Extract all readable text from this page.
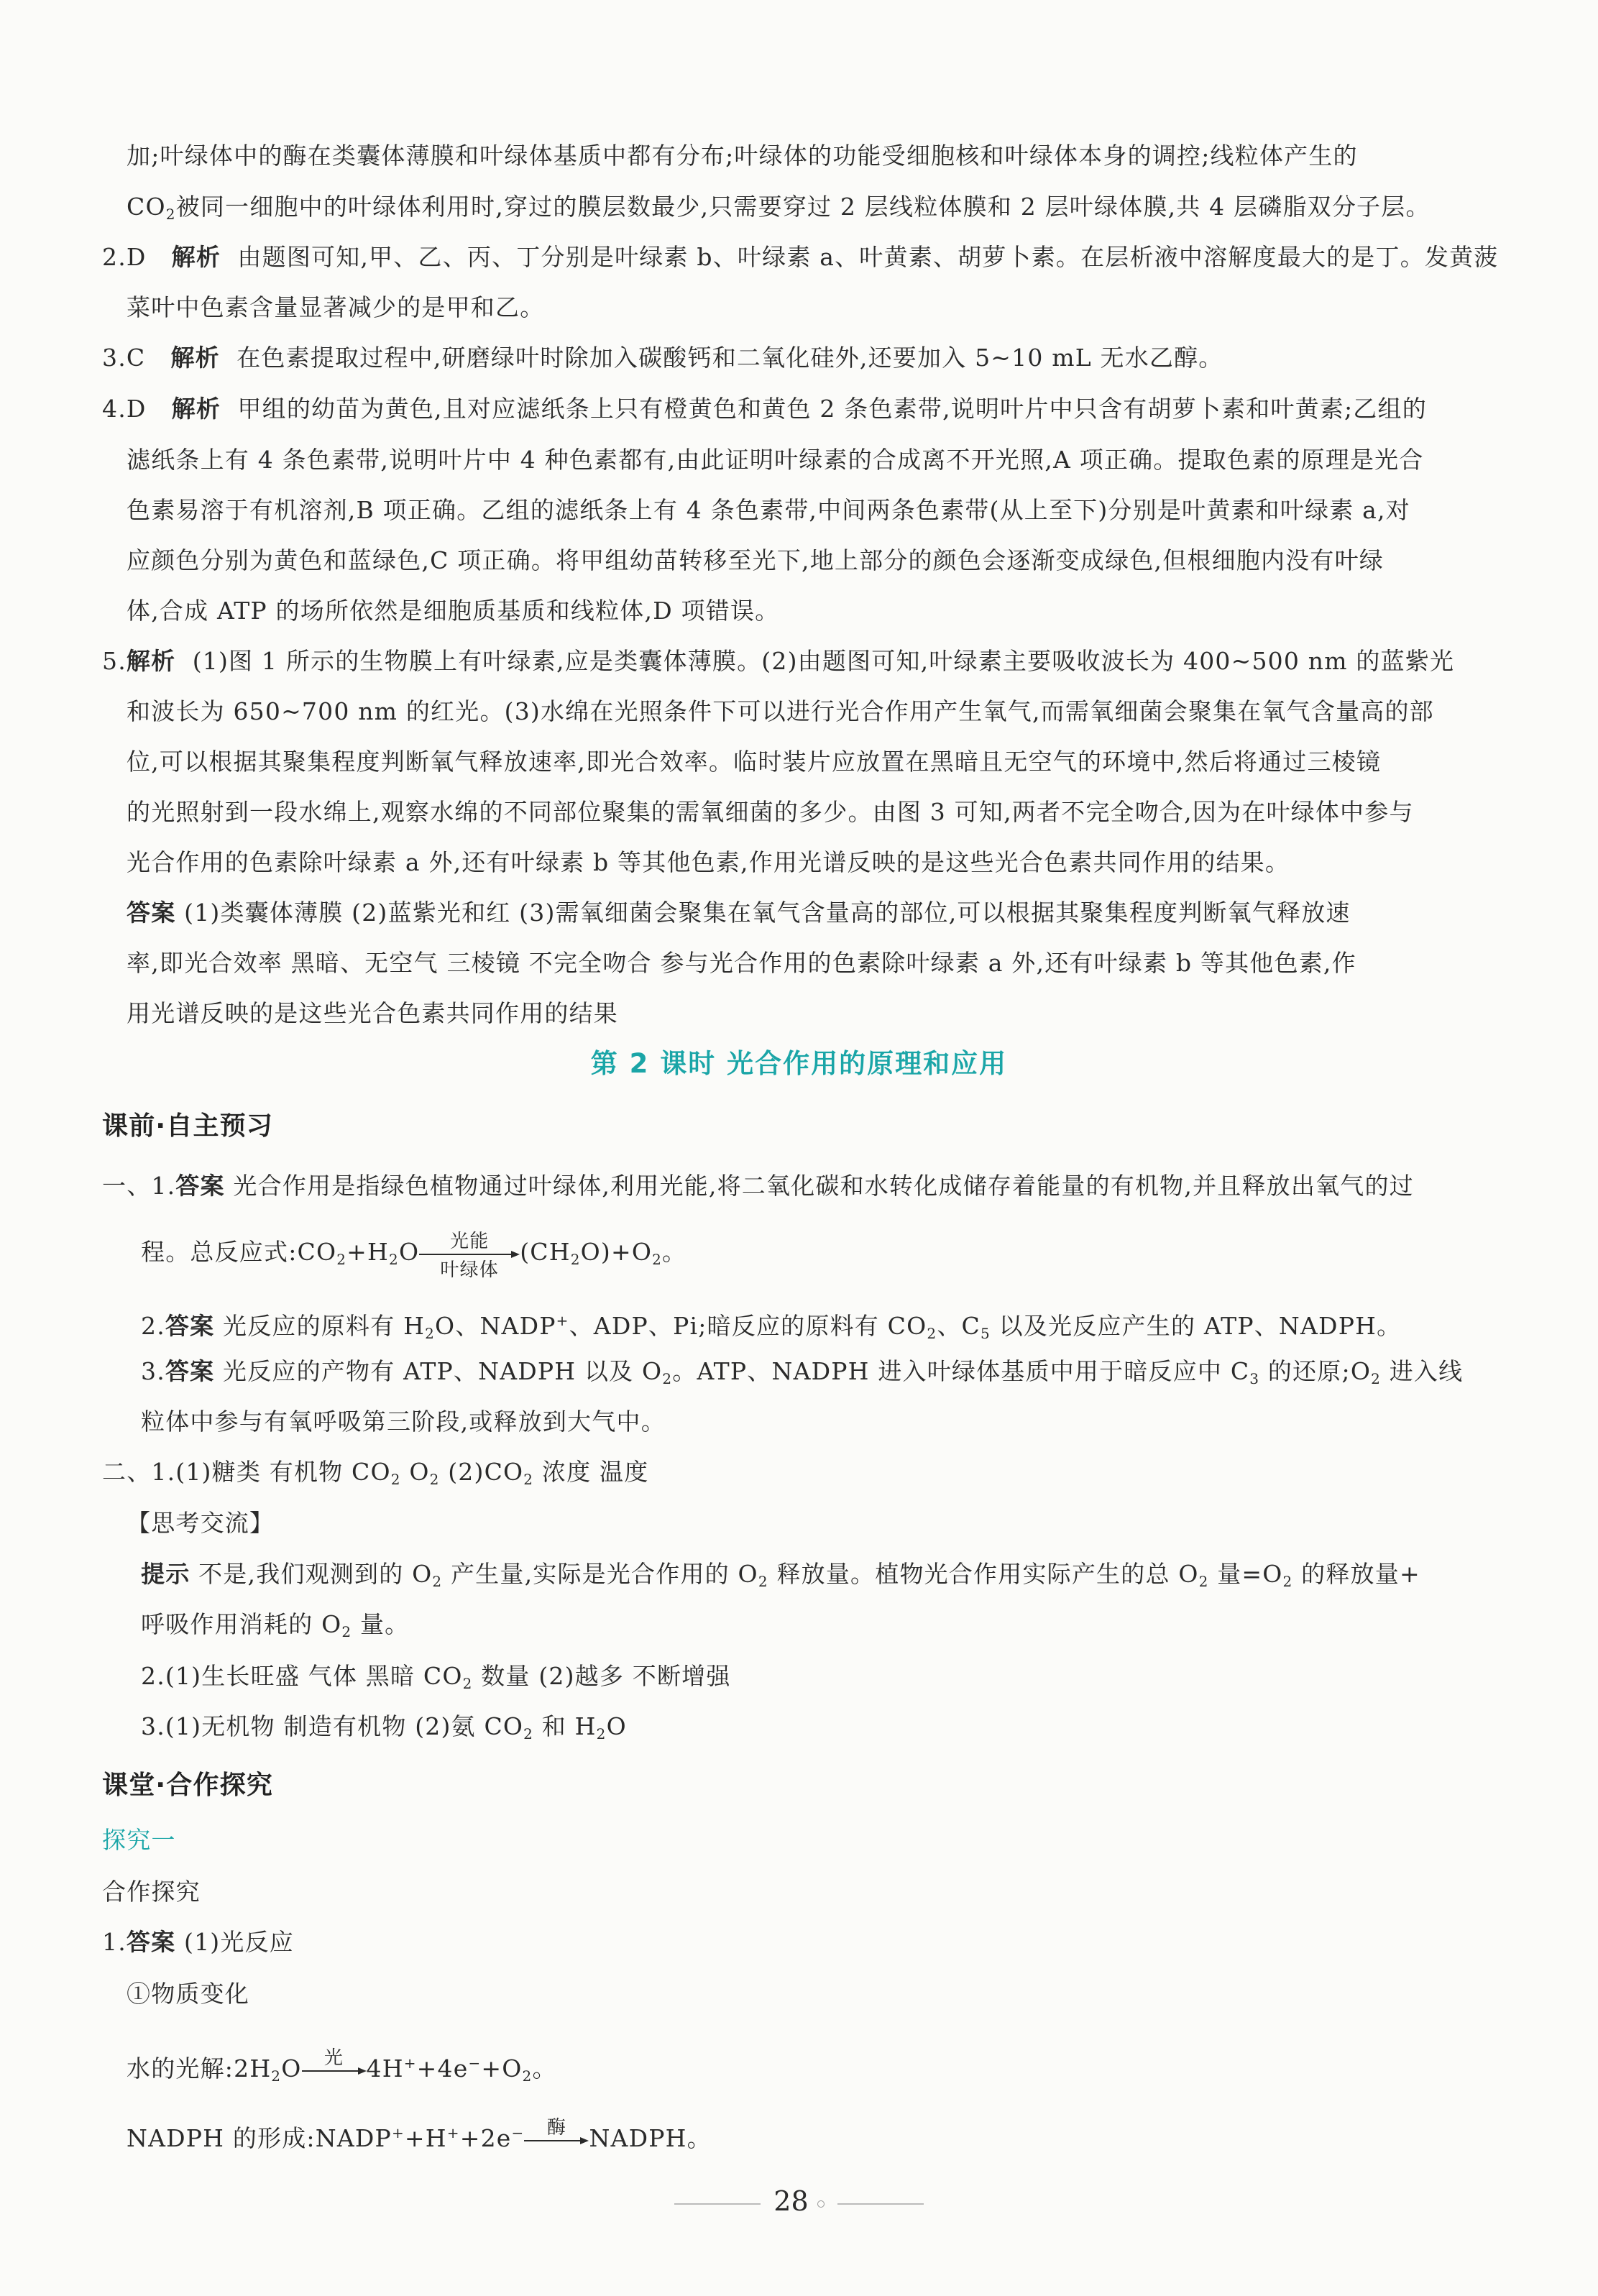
加;叶绿体中的酶在类囊体薄膜和叶绿体基质中都有分布;叶绿体的功能受细胞核和叶绿体本身的调控;线粒体产生的
$CO_2$被同一细胞中的叶绿体利用时,穿过的膜层数最少,只需要穿过 2 层线粒体膜和 2 层叶绿体膜,共 4 层磷脂双分子层。
2.D 解析 由题图可知,甲、乙、丙、丁分别是叶绿素 b、叶绿素 a、叶黄素、胡萝卜素。在层析液中溶解度最大的是丁。发黄菠
菜叶中色素含量显著减少的是甲和乙。
3.C 解析 在色素提取过程中,研磨绿叶时除加入碳酸钙和二氧化硅外,还要加入 5~10 mL 无水乙醇。
4.D 解析 甲组的幼苗为黄色,且对应滤纸条上只有橙黄色和黄色 2 条色素带,说明叶片中只含有胡萝卜素和叶黄素;乙组的
滤纸条上有 4 条色素带,说明叶片中 4 种色素都有,由此证明叶绿素的合成离不开光照,A 项正确。提取色素的原理是光合
色素易溶于有机溶剂,B 项正确。乙组的滤纸条上有 4 条色素带,中间两条色素带(从上至下)分别是叶黄素和叶绿素 a,对
应颜色分别为黄色和蓝绿色,C 项正确。将甲组幼苗转移至光下,地上部分的颜色会逐渐变成绿色,但根细胞内没有叶绿
体,合成 ATP 的场所依然是细胞质基质和线粒体,D 项错误。
5.解析 (1)图 1 所示的生物膜上有叶绿素,应是类囊体薄膜。(2)由题图可知,叶绿素主要吸收波长为 400~500 nm 的蓝紫光
和波长为 650~700 nm 的红光。(3)水绵在光照条件下可以进行光合作用产生氧气,而需氧细菌会聚集在氧气含量高的部
位,可以根据其聚集程度判断氧气释放速率,即光合效率。临时装片应放置在黑暗且无空气的环境中,然后将通过三棱镜
的光照射到一段水绵上,观察水绵的不同部位聚集的需氧细菌的多少。由图 3 可知,两者不完全吻合,因为在叶绿体中参与
光合作用的色素除叶绿素 a 外,还有叶绿素 b 等其他色素,作用光谱反映的是这些光合色素共同作用的结果。
答案 (1)类囊体薄膜 (2)蓝紫光和红 (3)需氧细菌会聚集在氧气含量高的部位,可以根据其聚集程度判断氧气释放速
率,即光合效率 黑暗、无空气 三棱镜 不完全吻合 参与光合作用的色素除叶绿素 a 外,还有叶绿素 b 等其他色素,作
用光谱反映的是这些光合色素共同作用的结果
第 2 课时 光合作用的原理和应用
课前·自主预习
一、1.答案 光合作用是指绿色植物通过叶绿体,利用光能,将二氧化碳和水转化成储存着能量的有机物,并且释放出氧气的过
程。总反应式$:CO_2+H_2O$	光能
叶绿体
$(CH_2O)+O_2$。
2.答案 光反应的原料有 $H_2O$、NADP+、ADP、Pi;暗反应的原料有 $CO_2$、$C_5$ 以及光反应产生的 ATP、NADPH。
3.答案 光反应的产物有 ATP、NADPH 以及 $O_2$。ATP、NADPH 进入叶绿体基质中用于暗反应中 $C_3$ 的还原$;O_2$ 进入线
粒体中参与有氧呼吸第三阶段,或释放到大气中。
二、1.(1)糖类 有机物 $CO_2$ $O_2$ $(2)CO_2$ 浓度 温度
【思考交流】
提示 不是,我们观测到的 $O_2$ 产生量,实际是光合作用的 $O_2$ 释放量。植物光合作用实际产生的总 $O_2$ 量$=O_2$ 的释放量+
呼吸作用消耗的 $O_2$ 量。
2.(1)生长旺盛 气体 黑暗 $CO_2$ 数量 (2)越多 不断增强
3.(1)无机物 制造有机物 (2)氨 $CO_2$ 和 $H_2O$
课堂·合作探究
探究一
合作探究
1.答案 (1)光反应
①物质变化
水的光解$:2H_2O$	光 $4H^++4e^-+O_2$。
NADPH 的形成:NADP++H++2e−	酶 NADPH。
28
